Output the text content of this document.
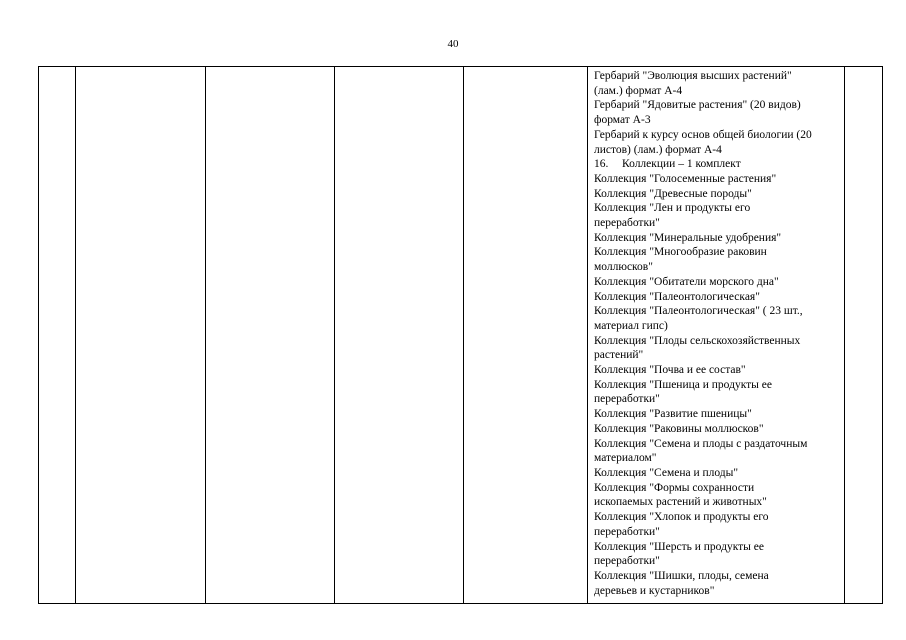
40

Гербарий "Эволюция высших растений"
(лам.) формат А-4
Гербарий "Ядовитые растения" (20 видов)
формат А-3
Гербарий к курсу основ общей биологии (20
листов) (лам.) формат А-4
16. Коллекции – 1 комплект
Коллекция "Голосеменные растения"
Коллекция "Древесные породы"
Коллекция "Лен и продукты его
переработки"
Коллекция "Минеральные удобрения"
Коллекция "Многообразие раковин
моллюсков"
Коллекция "Обитатели морского дна"
Коллекция "Палеонтологическая"
Коллекция "Палеонтологическая" ( 23 шт.,
материал гипс)
Коллекция "Плоды сельскохозяйственных
растений"
Коллекция "Почва и ее состав"
Коллекция "Пшеница и продукты ее
переработки"
Коллекция "Развитие пшеницы"
Коллекция "Раковины моллюсков"
Коллекция "Семена и плоды с раздаточным
материалом"
Коллекция "Семена и плоды"
Коллекция "Формы сохранности
ископаемых растений и животных"
Коллекция "Хлопок и продукты его
переработки"
Коллекция "Шерсть и продукты ее
переработки"
Коллекция "Шишки, плоды, семена
деревьев и кустарников"
